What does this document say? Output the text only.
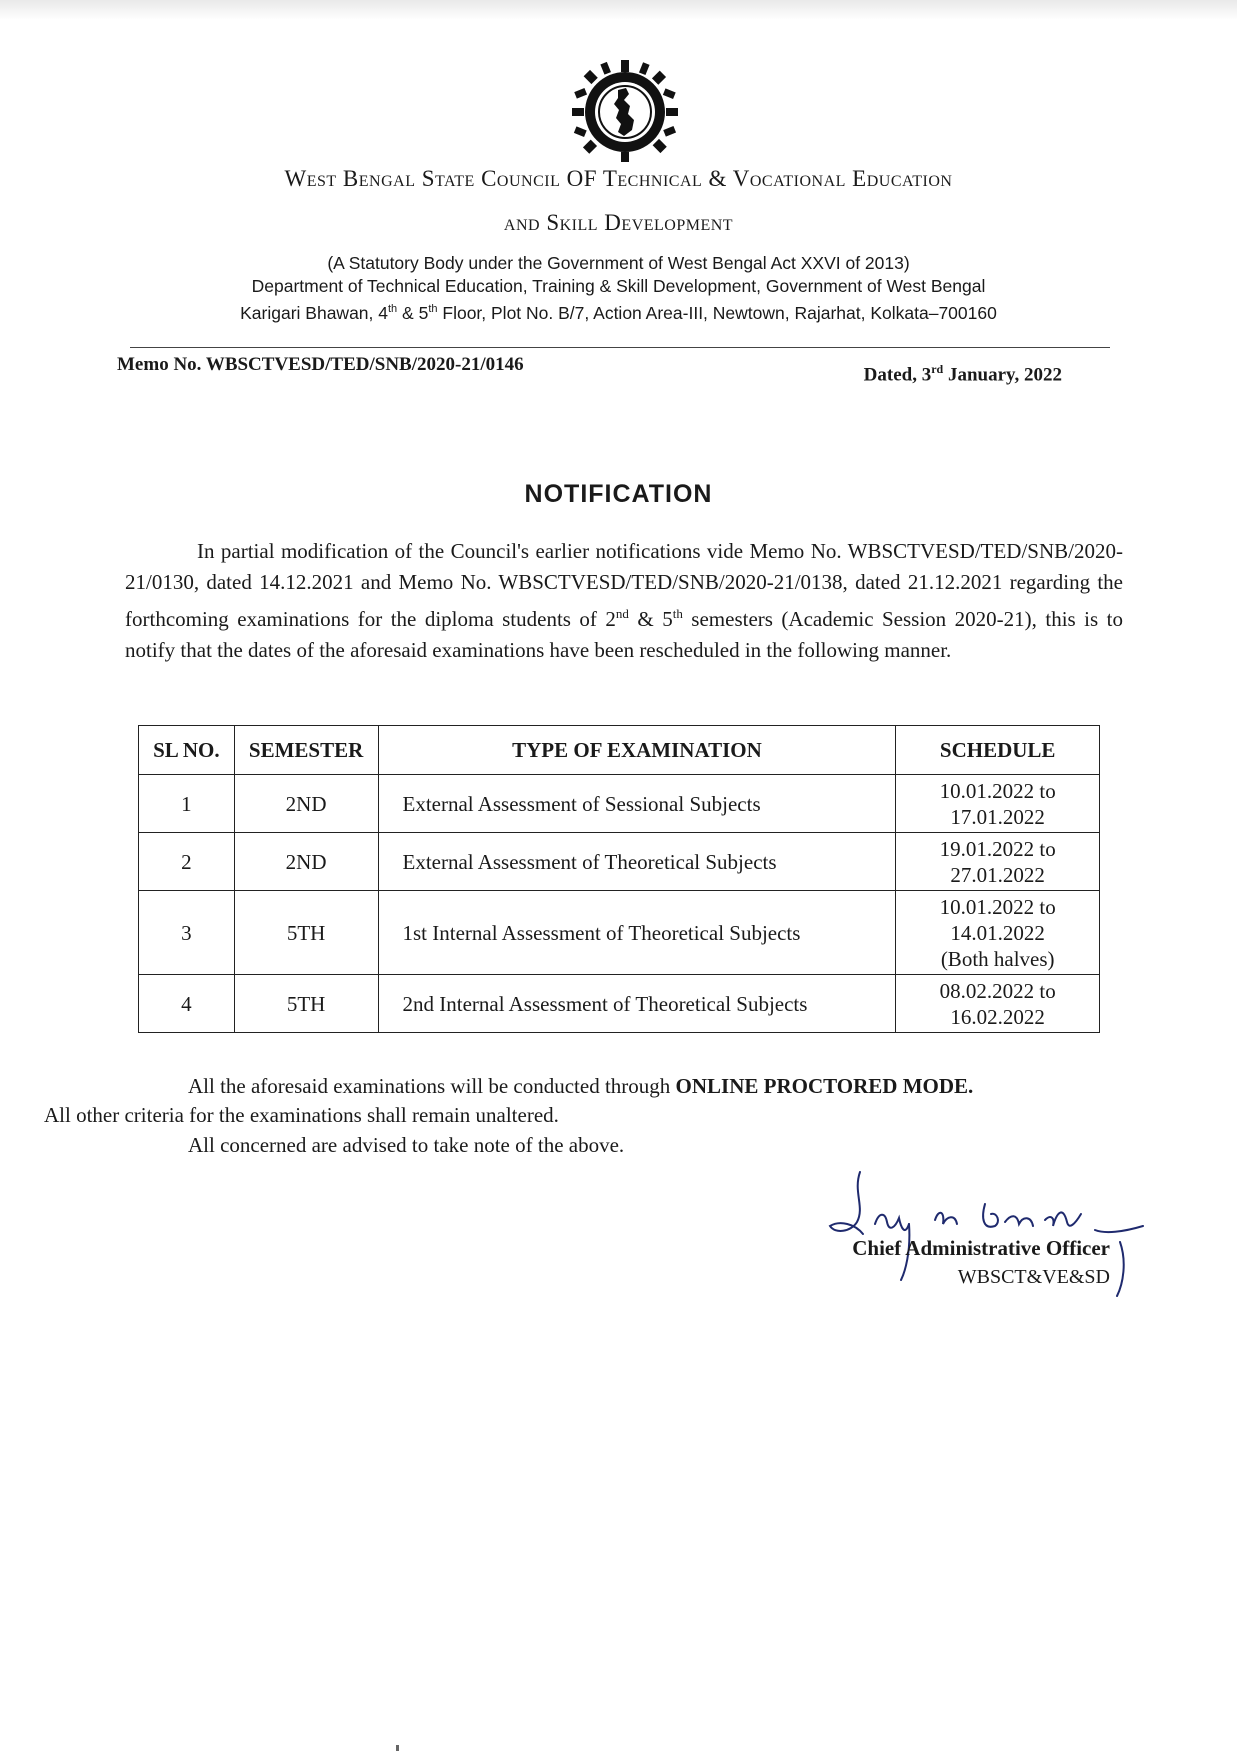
West Bengal State Council OF Technical & Vocational Education
and Skill Development
(A Statutory Body under the Government of West Bengal Act XXVI of 2013)
Department of Technical Education, Training & Skill Development, Government of West Bengal
Karigari Bhawan, 4th & 5th Floor, Plot No. B/7, Action Area-III, Newtown, Rajarhat, Kolkata–700160
Memo No. WBSCTVESD/TED/SNB/2020-21/0146	Dated, 3rd January, 2022
NOTIFICATION
In partial modification of the Council's earlier notifications vide Memo No. WBSCTVESD/TED/SNB/2020-21/0130, dated 14.12.2021 and Memo No. WBSCTVESD/TED/SNB/2020-21/0138, dated 21.12.2021 regarding the forthcoming examinations for the diploma students of 2nd & 5th semesters (Academic Session 2020-21), this is to notify that the dates of the aforesaid examinations have been rescheduled in the following manner.
SL NO.	SEMESTER	TYPE OF EXAMINATION	SCHEDULE
1	2ND	External Assessment of Sessional Subjects	10.01.2022 to
17.01.2022

2	2ND	External Assessment of Theoretical Subjects	19.01.2022 to
27.01.2022

3	5TH	1st Internal Assessment of Theoretical Subjects	10.01.2022 to
14.01.2022
(Both halves)

4	5TH	2nd Internal Assessment of Theoretical Subjects	08.02.2022 to
16.02.2022
All the aforesaid examinations will be conducted through ONLINE PROCTORED MODE.
All other criteria for the examinations shall remain unaltered.
All concerned are advised to take note of the above.
Chief Administrative Officer
WBSCT&VE&SD
